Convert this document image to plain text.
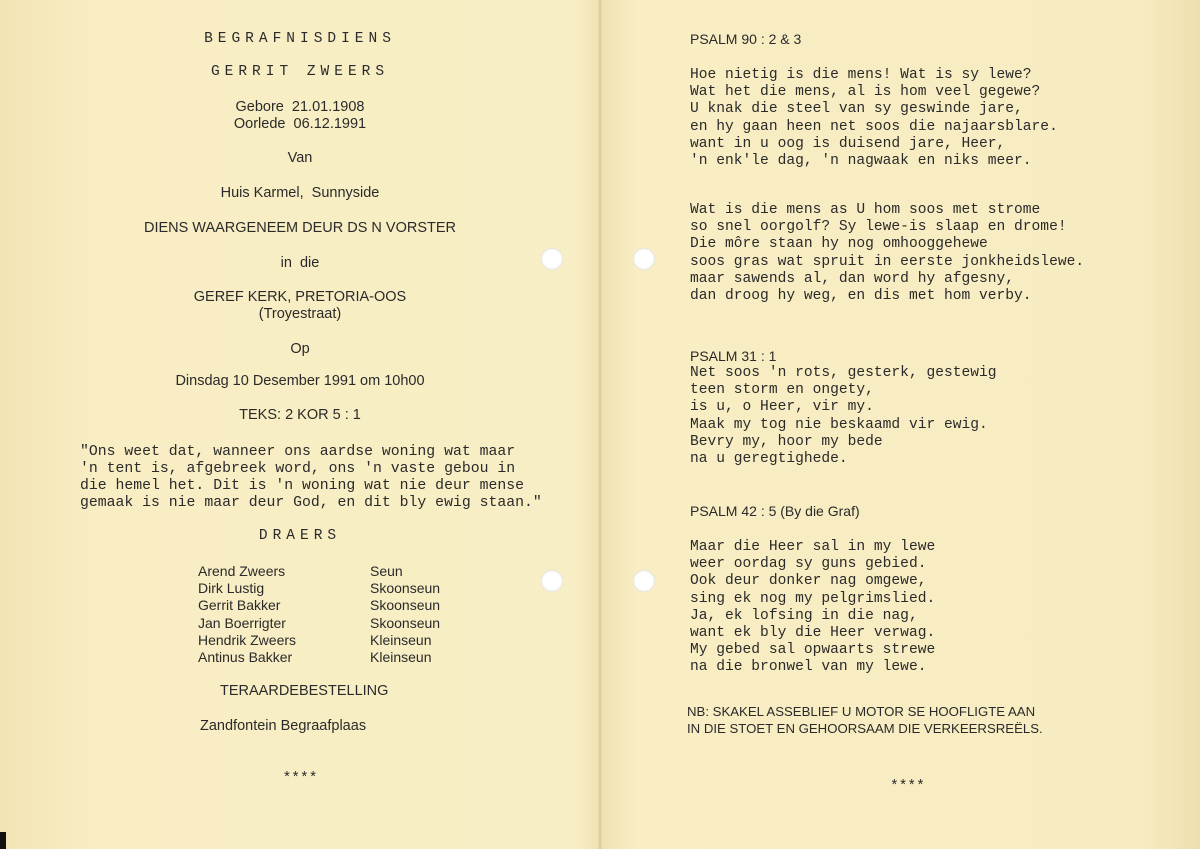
BEGRAFNISDIENS
GERRIT ZWEERS
Gebore  21.01.1908
Oorlede  06.12.1991
Van
Huis Karmel,  Sunnyside
DIENS WAARGENEEM DEUR DS N VORSTER
in  die
GEREF KERK, PRETORIA-OOS
(Troyestraat)
Op
Dinsdag 10 Desember 1991 om 10h00
TEKS: 2 KOR 5 : 1
"Ons weet dat, wanneer ons aardse woning wat maar
'n tent is, afgebreek word, ons 'n vaste gebou in
die hemel het. Dit is 'n woning wat nie deur mense
gemaak is nie maar deur God, en dit bly ewig staan."
DRAERS
Arend Zweers	Seun
Dirk Lustig	Skoonseun
Gerrit Bakker	Skoonseun
Jan Boerrigter	Skoonseun
Hendrik Zweers	Kleinseun
Antinus Bakker	Kleinseun
TERAARDEBESTELLING
Zandfontein Begraafplaas
****
PSALM 90 : 2 & 3
Hoe nietig is die mens! Wat is sy lewe?
Wat het die mens, al is hom veel gegewe?
U knak die steel van sy geswinde jare,
en hy gaan heen net soos die najaarsblare.
want in u oog is duisend jare, Heer,
'n enk'le dag, 'n nagwaak en niks meer.
Wat is die mens as U hom soos met strome
so snel oorgolf? Sy lewe-is slaap en drome!
Die môre staan hy nog omhooggehewe
soos gras wat spruit in eerste jonkheidslewe.
maar sawends al, dan word hy afgesny,
dan droog hy weg, en dis met hom verby.
PSALM 31 : 1
Net soos 'n rots, gesterk, gestewig
teen storm en ongety,
is u, o Heer, vir my.
Maak my tog nie beskaamd vir ewig.
Bevry my, hoor my bede
na u geregtighede.
PSALM 42 : 5 (By die Graf)
Maar die Heer sal in my lewe
weer oordag sy guns gebied.
Ook deur donker nag omgewe,
sing ek nog my pelgrimslied.
Ja, ek lofsing in die nag,
want ek bly die Heer verwag.
My gebed sal opwaarts strewe
na die bronwel van my lewe.
NB: SKAKEL ASSEBLIEF U MOTOR SE HOOFLIGTE AAN
IN DIE STOET EN GEHOORSAAM DIE VERKEERSREËLS.
****
